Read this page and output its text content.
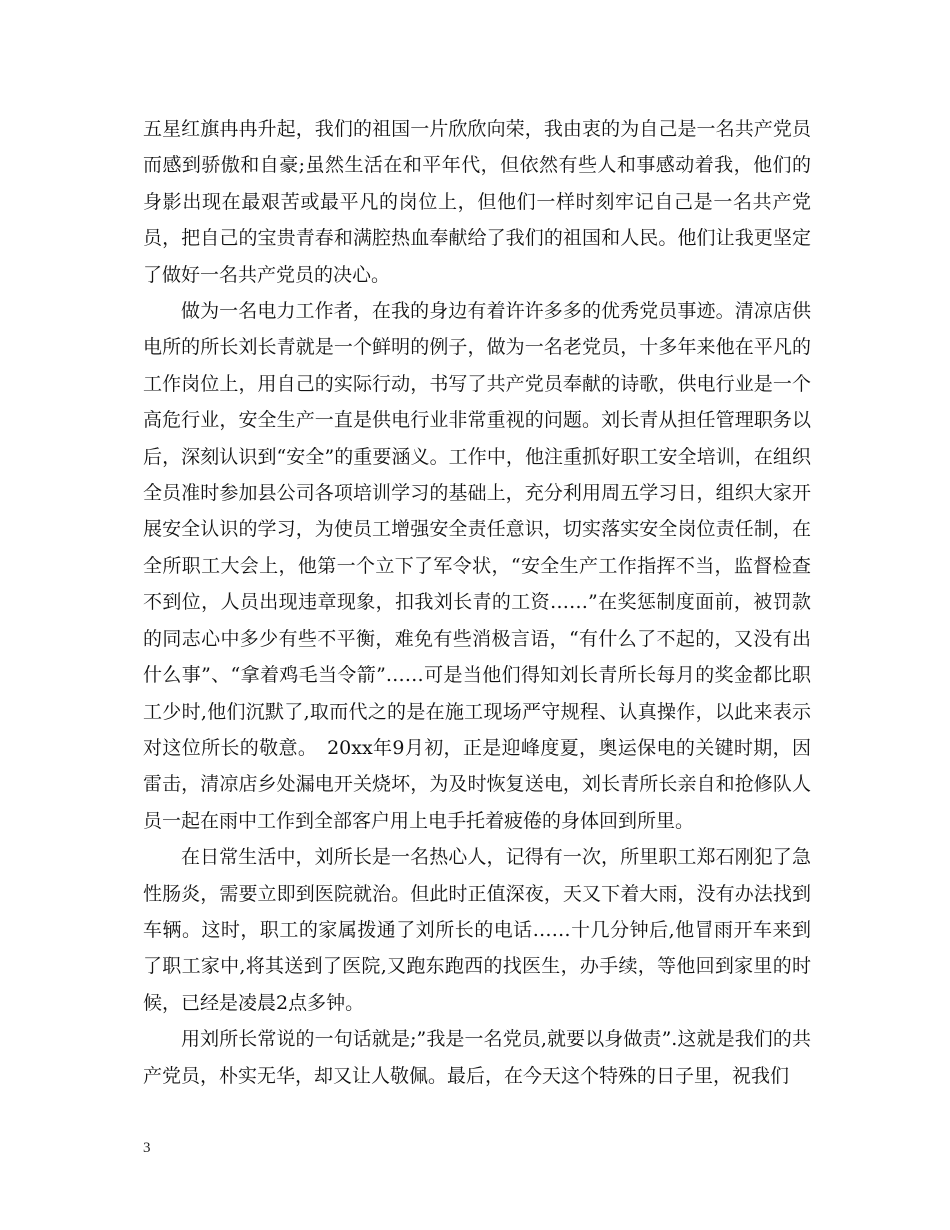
五星红旗冉冉升起，我们的祖国一片欣欣向荣，我由衷的为自己是一名共产党员而感到骄傲和自豪;虽然生活在和平年代，但依然有些人和事感动着我，他们的身影出现在最艰苦或最平凡的岗位上，但他们一样时刻牢记自己是一名共产党员，把自己的宝贵青春和满腔热血奉献给了我们的祖国和人民。他们让我更坚定了做好一名共产党员的决心。

做为一名电力工作者，在我的身边有着许许多多的优秀党员事迹。清凉店供电所的所长刘长青就是一个鲜明的例子，做为一名老党员，十多年来他在平凡的工作岗位上，用自己的实际行动，书写了共产党员奉献的诗歌，供电行业是一个高危行业，安全生产一直是供电行业非常重视的问题。刘长青从担任管理职务以后，深刻认识到“安全”的重要涵义。工作中，他注重抓好职工安全培训，在组织全员准时参加县公司各项培训学习的基础上，充分利用周五学习日，组织大家开展安全认识的学习，为使员工增强安全责任意识，切实落实安全岗位责任制，在全所职工大会上，他第一个立下了军令状，“安全生产工作指挥不当，监督检查不到位，人员出现违章现象，扣我刘长青的工资……”在奖惩制度面前，被罚款的同志心中多少有些不平衡，难免有些消极言语，“有什么了不起的，又没有出什么事”、“拿着鸡毛当令箭”……可是当他们得知刘长青所长每月的奖金都比职工少时,他们沉默了,取而代之的是在施工现场严守规程、认真操作，以此来表示对这位所长的敬意。　20xx年9月初，正是迎峰度夏，奥运保电的关键时期，因雷击，清凉店乡处漏电开关烧坏，为及时恢复送电，刘长青所长亲自和抢修队人员一起在雨中工作到全部客户用上电手托着疲倦的身体回到所里。

在日常生活中，刘所长是一名热心人，记得有一次，所里职工郑石刚犯了急性肠炎，需要立即到医院就治。但此时正值深夜，天又下着大雨，没有办法找到车辆。这时，职工的家属拨通了刘所长的电话……十几分钟后,他冒雨开车来到了职工家中,将其送到了医院,又跑东跑西的找医生，办手续，等他回到家里的时候，已经是凌晨2点多钟。

用刘所长常说的一句话就是;”我是一名党员,就要以身做责”.这就是我们的共产党员，朴实无华，却又让人敬佩。最后，在今天这个特殊的日子里，祝我们

3
